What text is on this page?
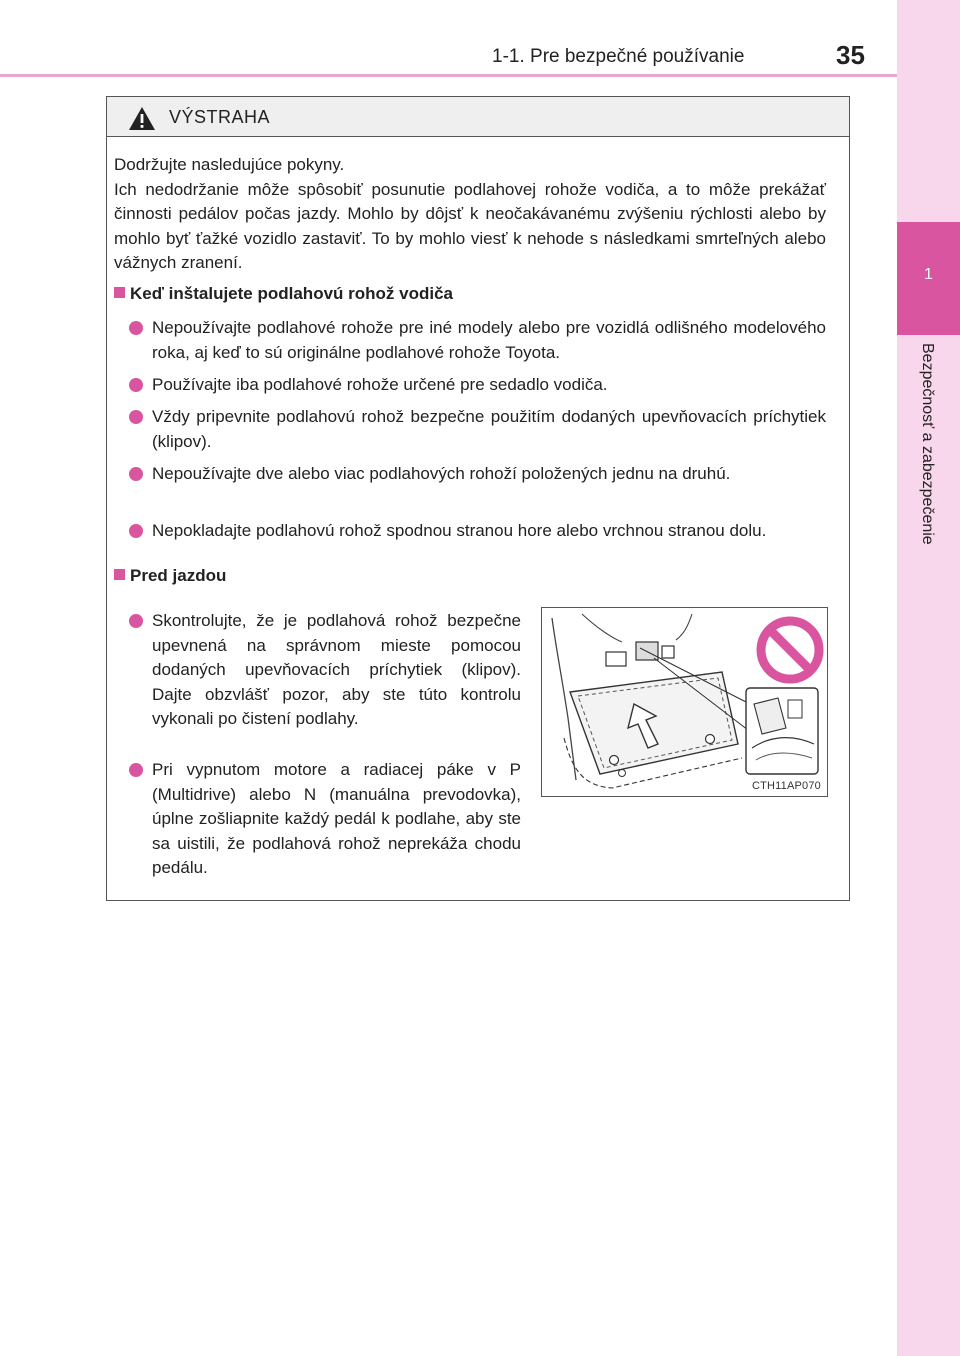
1-1. Pre bezpečné používanie	35
1
Bezpečnosť a zabezpečenie
VÝSTRAHA
Dodržujte nasledujúce pokyny.
Ich nedodržanie môže spôsobiť posunutie podlahovej rohože vodiča, a to môže prekážať činnosti pedálov počas jazdy. Mohlo by dôjsť k neočakávanému zvýšeniu rýchlosti alebo by mohlo byť ťažké vozidlo zastaviť. To by mohlo viesť k nehode s následkami smrteľných alebo vážnych zranení.
Keď inštalujete podlahovú rohož vodiča
Nepoužívajte podlahové rohože pre iné modely alebo pre vozidlá odlišného modelového roka, aj keď to sú originálne podlahové rohože Toyota.
Používajte iba podlahové rohože určené pre sedadlo vodiča.
Vždy pripevnite podlahovú rohož bezpečne použitím dodaných upevňovacích príchytiek (klipov).
Nepoužívajte dve alebo viac podlahových rohoží položených jednu na druhú.
Nepokladajte podlahovú rohož spodnou stranou hore alebo vrchnou stranou dolu.
Pred jazdou
Skontrolujte, že je podlahová rohož bezpečne upevnená na správnom mieste pomocou dodaných upevňovacích príchytiek (klipov). Dajte obzvlášť pozor, aby ste túto kontrolu vykonali po čistení podlahy.
Pri vypnutom motore a radiacej páke v P (Multidrive) alebo N (manuálna prevodovka), úplne zošliapnite každý pedál k podlahe, aby ste sa uistili, že podlahová rohož neprekáža chodu pedálu.
CTH11AP070
